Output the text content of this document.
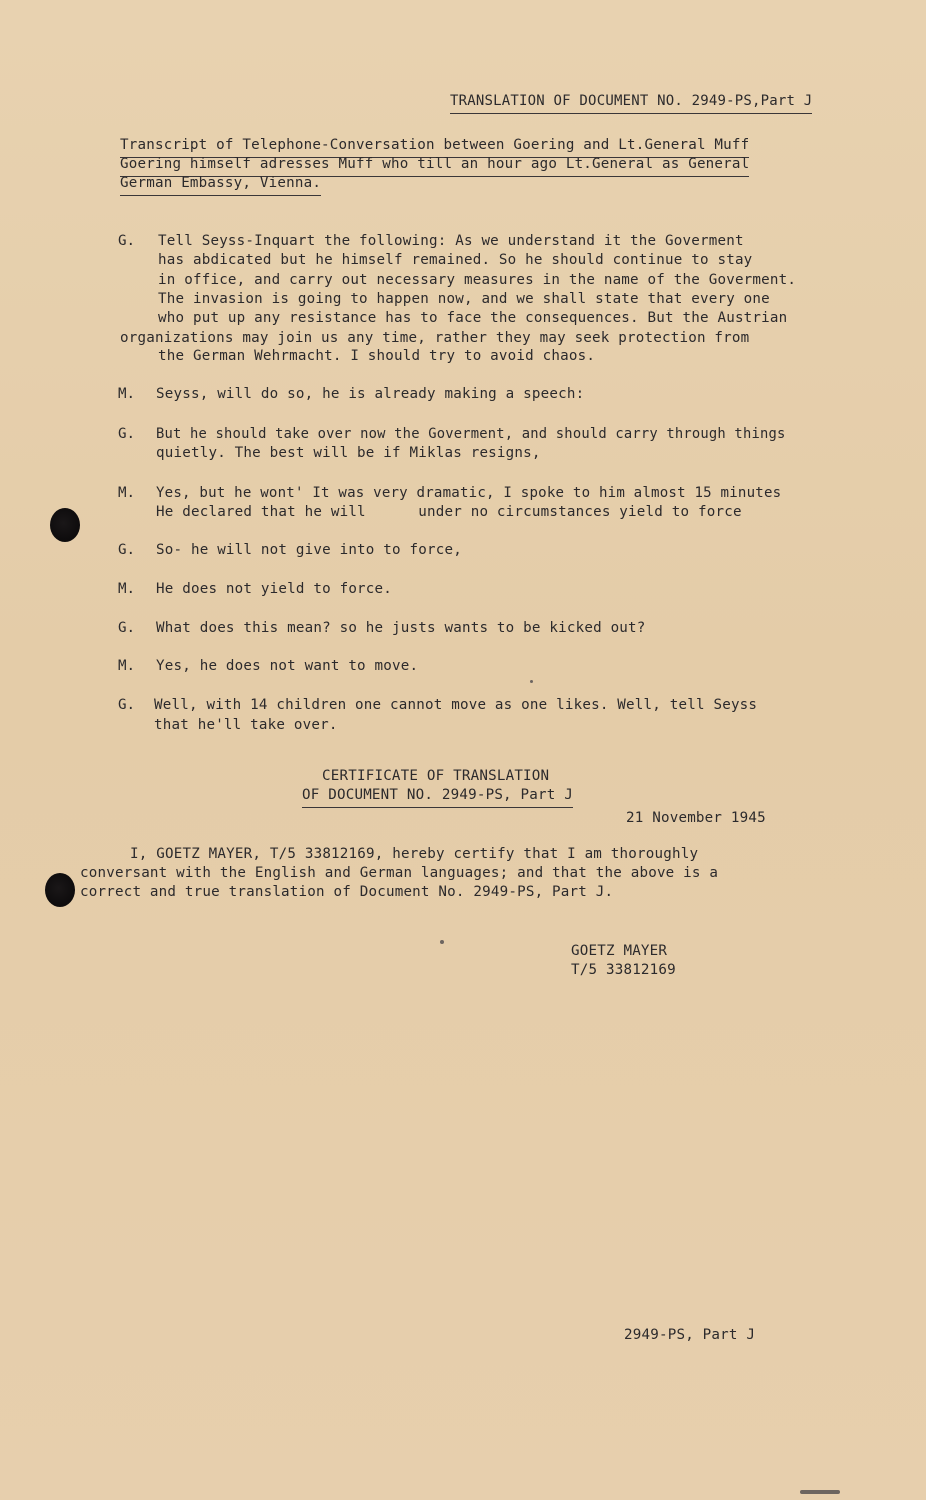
TRANSLATION OF DOCUMENT NO. 2949-PS,Part J
Transcript of Telephone-Conversation between Goering and Lt.General Muff
Goering himself adresses Muff who till an hour ago Lt.General as General
German Embassy, Vienna.
G. Tell Seyss-Inquart the following: As we understand it the Goverment
has abdicated but he himself remained. So he should continue to stay
in office, and carry out necessary measures in the name of the Goverment.
The invasion is going to happen now, and we shall state that every one
who put up any resistance has to face the consequences. But the Austrian
organizations may join us any time, rather they may seek protection from
the German Wehrmacht. I should try to avoid chaos.
M. Seyss, will do so, he is already making a speech:
G. But he should take over now the Goverment, and should carry through things
quietly. The best will be if Miklas resigns,
M. Yes, but he wont' It was very dramatic, I spoke to him almost 15 minutes
He declared that he will      under no circumstances yield to force
G. So- he will not give into to force,
M. He does not yield to force.
G. What does this mean? so he justs wants to be kicked out?
M. Yes, he does not want to move.
G. Well, with 14 children one cannot move as one likes. Well, tell Seyss
that he'll take over.
CERTIFICATE OF TRANSLATION
OF DOCUMENT NO. 2949-PS, Part J
21 November 1945
I, GOETZ MAYER, T/5 33812169, hereby certify that I am thoroughly
conversant with the English and German languages; and that the above is a
correct and true translation of Document No. 2949-PS, Part J.
GOETZ MAYER
T/5 33812169
2949-PS, Part J
